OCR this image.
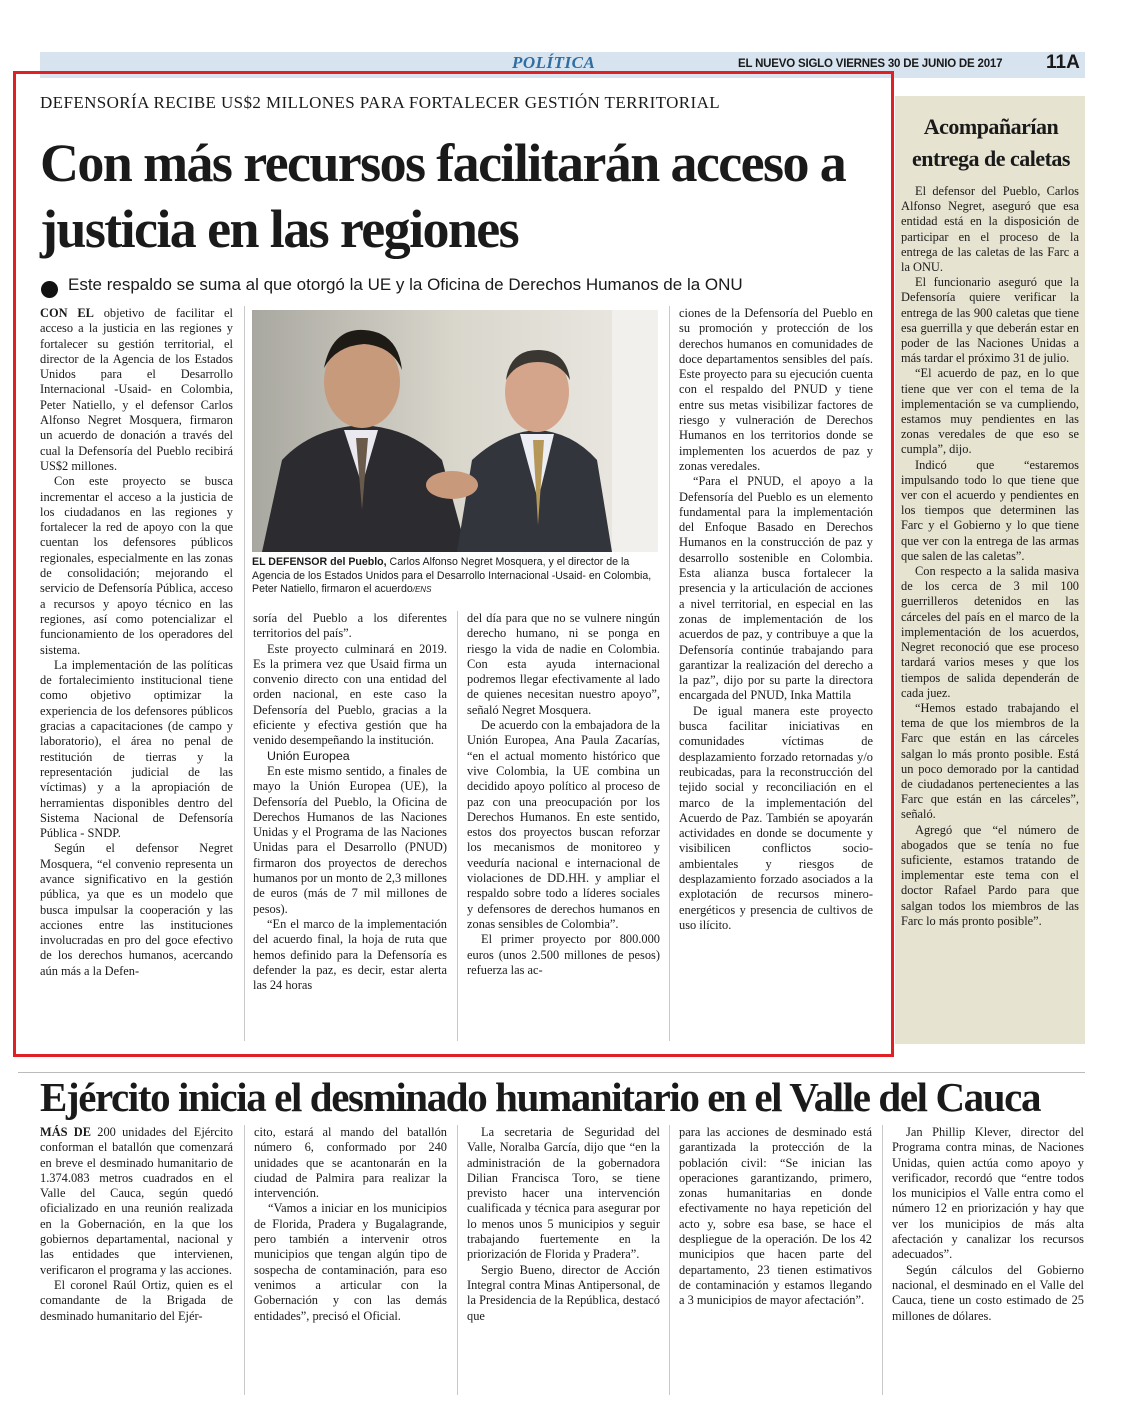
POLÍTICA	EL NUEVO SIGLO VIERNES 30 DE JUNIO DE 2017 11A
Acompañarían entrega de caletas

El defensor del Pueblo, Carlos Alfonso Negret, aseguró que esa entidad está en la disposición de participar en el proceso de la entrega de las caletas de las Farc a la ONU.

El funcionario aseguró que la Defensoría quiere verificar la entrega de las 900 caletas que tiene esa guerrilla y que deberán estar en poder de las Naciones Unidas a más tardar el próximo 31 de julio.

“El acuerdo de paz, en lo que tiene que ver con el tema de la implementación se va cumpliendo, estamos muy pendientes en las zonas veredales de que eso se cumpla”, dijo.

Indicó que “estaremos impulsando todo lo que tiene que ver con el acuerdo y pendientes en los tiempos que determinen las Farc y el Gobierno y lo que tiene que ver con la entrega de las armas que salen de las caletas”.

Con respecto a la salida masiva de los cerca de 3 mil 100 guerrilleros detenidos en las cárceles del país en el marco de la implementación de los acuerdos, Negret reconoció que ese proceso tardará varios meses y que los tiempos de salida dependerán de cada juez.

“Hemos estado trabajando el tema de que los miembros de la Farc que están en las cárceles salgan lo más pronto posible. Está un poco demorado por la cantidad de ciudadanos pertenecientes a las Farc que están en las cárceles”, señaló.

Agregó que “el número de abogados que se tenía no fue suficiente, estamos tratando de implementar este tema con el doctor Rafael Pardo para que salgan todos los miembros de las Farc lo más pronto posible”.

DEFENSORÍA RECIBE US$2 MILLONES PARA FORTALECER GESTIÓN TERRITORIAL
Con más recursos facilitarán acceso a justicia en las regiones
Este respaldo se suma al que otorgó la UE y la Oficina de Derechos Humanos de la ONU

CON EL objetivo de facilitar el acceso a la justicia en las regiones y fortalecer su gestión territorial, el director de la Agencia de los Estados Unidos para el Desarrollo Internacional -Usaid- en Colombia, Peter Natiello, y el defensor Carlos Alfonso Negret Mosquera, firmaron un acuerdo de donación a través del cual la Defensoría del Pueblo recibirá US$2 millones.

Con este proyecto se busca incrementar el acceso a la justicia de los ciudadanos en las regiones y fortalecer la red de apoyo con la que cuentan los defensores públicos regionales, especialmente en las zonas de consolidación; mejorando el servicio de Defensoría Pública, acceso a recursos y apoyo técnico en las regiones, así como potencializar el funcionamiento de los operadores del sistema.

La implementación de las políticas de fortalecimiento institucional tiene como objetivo optimizar la experiencia de los defensores públicos gracias a capacitaciones (de campo y laboratorio), el área no penal de restitución de tierras y la representación judicial de las víctimas) y a la apropiación de herramientas disponibles dentro del Sistema Nacional de Defensoría Pública - SNDP.

Según el defensor Negret Mosquera, “el convenio representa un avance significativo en la gestión pública, ya que es un modelo que busca impulsar la cooperación y las acciones entre las instituciones involucradas en pro del goce efectivo de los derechos humanos, acercando aún más a la Defen-

EL DEFENSOR del Pueblo, Carlos Alfonso Negret Mosquera, y el director de la Agencia de los Estados Unidos para el Desarrollo Internacional -Usaid- en Colombia, Peter Natiello, firmaron el acuerdo/ENS

soría del Pueblo a los diferentes territorios del país”.

Este proyecto culminará en 2019. Es la primera vez que Usaid firma un convenio directo con una entidad del orden nacional, en este caso la Defensoría del Pueblo, gracias a la eficiente y efectiva gestión que ha venido desempeñando la institución.

Unión Europea

En este mismo sentido, a finales de mayo la Unión Europea (UE), la Defensoría del Pueblo, la Oficina de Derechos Humanos de las Naciones Unidas y el Programa de las Naciones Unidas para el Desarrollo (PNUD) firmaron dos proyectos de derechos humanos por un monto de 2,3 millones de euros (más de 7 mil millones de pesos).

“En el marco de la implementación del acuerdo final, la hoja de ruta que hemos definido para la Defensoría es defender la paz, es decir, estar alerta las 24 horas

del día para que no se vulnere ningún derecho humano, ni se ponga en riesgo la vida de nadie en Colombia. Con esta ayuda internacional podremos llegar efectivamente al lado de quienes necesitan nuestro apoyo”, señaló Negret Mosquera.

De acuerdo con la embajadora de la Unión Europea, Ana Paula Zacarías, “en el actual momento histórico que vive Colombia, la UE combina un decidido apoyo político al proceso de paz con una preocupación por los Derechos Humanos. En este sentido, estos dos proyectos buscan reforzar los mecanismos de monitoreo y veeduría nacional e internacional de violaciones de DD.HH. y ampliar el respaldo sobre todo a líderes sociales y defensores de derechos humanos en zonas sensibles de Colombia”.

El primer proyecto por 800.000 euros (unos 2.500 millones de pesos) refuerza las ac-

ciones de la Defensoría del Pueblo en su promoción y protección de los derechos humanos en comunidades de doce departamentos sensibles del país. Este proyecto para su ejecución cuenta con el respaldo del PNUD y tiene entre sus metas visibilizar factores de riesgo y vulneración de Derechos Humanos en los territorios donde se implementen los acuerdos de paz y zonas veredales.

“Para el PNUD, el apoyo a la Defensoría del Pueblo es un elemento fundamental para la implementación del Enfoque Basado en Derechos Humanos en la construcción de paz y desarrollo sostenible en Colombia. Esta alianza busca fortalecer la presencia y la articulación de acciones a nivel territorial, en especial en las zonas de implementación de los acuerdos de paz, y contribuye a que la Defensoría continúe trabajando para garantizar la realización del derecho a la paz”, dijo por su parte la directora encargada del PNUD, Inka Mattila

De igual manera este proyecto busca facilitar iniciativas en comunidades víctimas de desplazamiento forzado retornadas y/o reubicadas, para la reconstrucción del tejido social y reconciliación en el marco de la implementación del Acuerdo de Paz. También se apoyarán actividades en donde se documente y visibilicen conflictos socio-ambientales y riesgos de desplazamiento forzado asociados a la explotación de recursos minero-energéticos y presencia de cultivos de uso ilícito.

Ejército inicia el desminado humanitario en el Valle del Cauca

MÁS DE 200 unidades del Ejército conforman el batallón que comenzará en breve el desminado humanitario de 1.374.083 metros cuadrados en el Valle del Cauca, según quedó oficializado en una reunión realizada en la Gobernación, en la que los gobiernos departamental, nacional y las entidades que intervienen, verificaron el programa y las acciones.

El coronel Raúl Ortiz, quien es el comandante de la Brigada de desminado humanitario del Ejér-

cito, estará al mando del batallón número 6, conformado por 240 unidades que se acantonarán en la ciudad de Palmira para realizar la intervención.

“Vamos a iniciar en los municipios de Florida, Pradera y Bugalagrande, pero también a intervenir otros municipios que tengan algún tipo de sospecha de contaminación, para eso venimos a articular con la Gobernación y con las demás entidades”, precisó el Oficial.

La secretaria de Seguridad del Valle, Noralba García, dijo que “en la administración de la gobernadora Dilian Francisca Toro, se tiene previsto hacer una intervención cualificada y técnica para asegurar por lo menos unos 5 municipios y seguir trabajando fuertemente en la priorización de Florida y Pradera”.

Sergio Bueno, director de Acción Integral contra Minas Antipersonal, de la Presidencia de la República, destacó que

para las acciones de desminado está garantizada la protección de la población civil: “Se inician las operaciones garantizando, primero, zonas humanitarias en donde efectivamente no haya repetición del acto y, sobre esa base, se hace el despliegue de la operación. De los 42 municipios que hacen parte del departamento, 23 tienen estimativos de contaminación y estamos llegando a 3 municipios de mayor afectación”.

Jan Phillip Klever, director del Programa contra minas, de Naciones Unidas, quien actúa como apoyo y verificador, recordó que “entre todos los municipios el Valle entra como el número 12 en priorización y hay que ver los municipios de más alta afectación y canalizar los recursos adecuados”.

Según cálculos del Gobierno nacional, el desminado en el Valle del Cauca, tiene un costo estimado de 25 millones de dólares.
